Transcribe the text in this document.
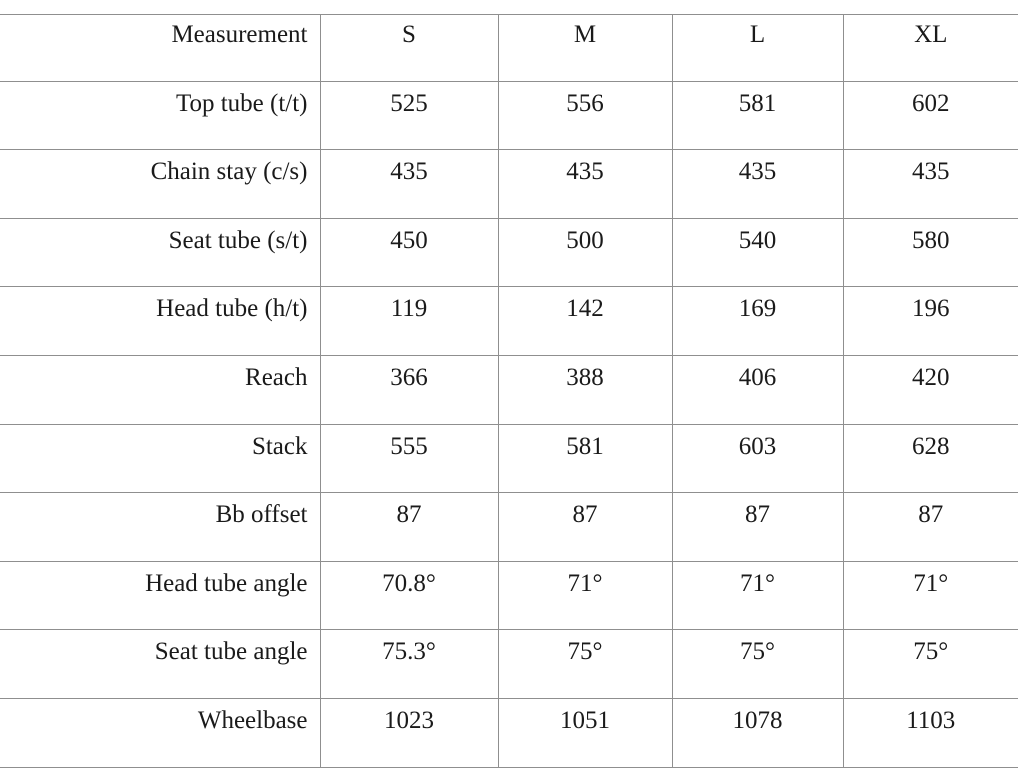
Measurement	S	M	L	XL
Top tube (t/t)	525	556	581	602
Chain stay (c/s)	435	435	435	435
Seat tube (s/t)	450	500	540	580
Head tube (h/t)	119	142	169	196
Reach	366	388	406	420
Stack	555	581	603	628
Bb offset	87	87	87	87
Head tube angle	70.8°	71°	71°	71°
Seat tube angle	75.3°	75°	75°	75°
Wheelbase	1023	1051	1078	1103
